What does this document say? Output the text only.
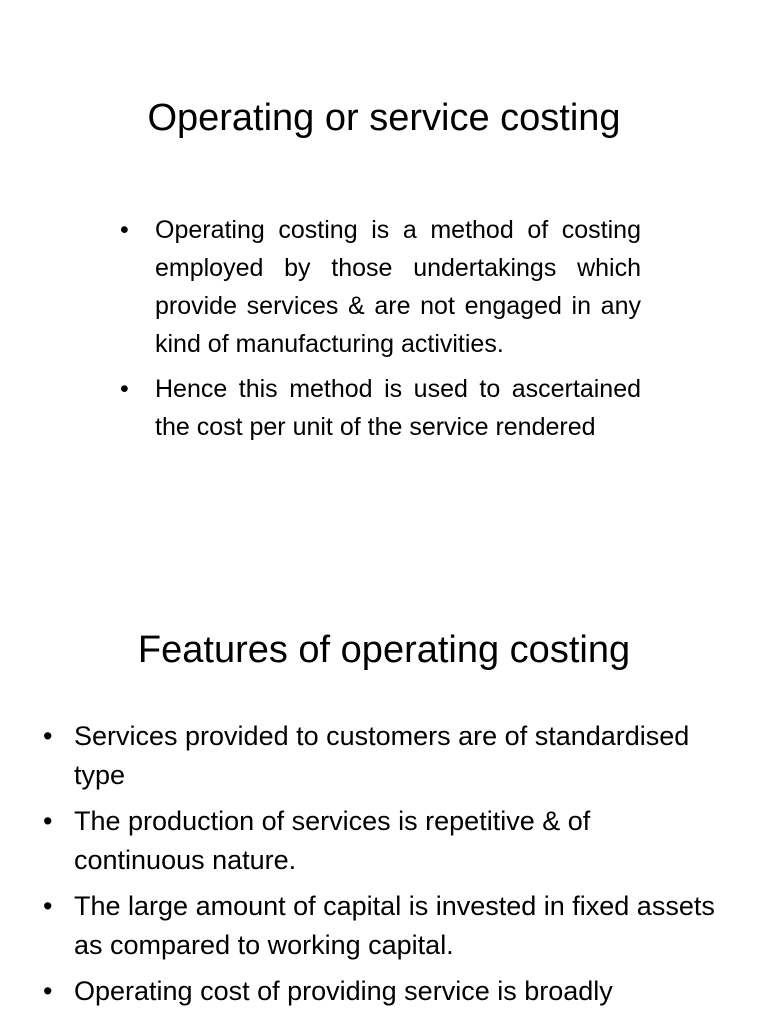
Operating or service costing
• Operating costing is a method of costing employed by those undertakings which provide services & are not engaged in any kind of manufacturing activities.
• Hence this method is used to ascertained the cost per unit of the service rendered
Features of operating costing
• Services provided to customers are of standardised type
• The production of services is repetitive & of continuous nature.
• The large amount of capital is invested in fixed assets as compared to working capital.
• Operating cost of providing service is broadly
